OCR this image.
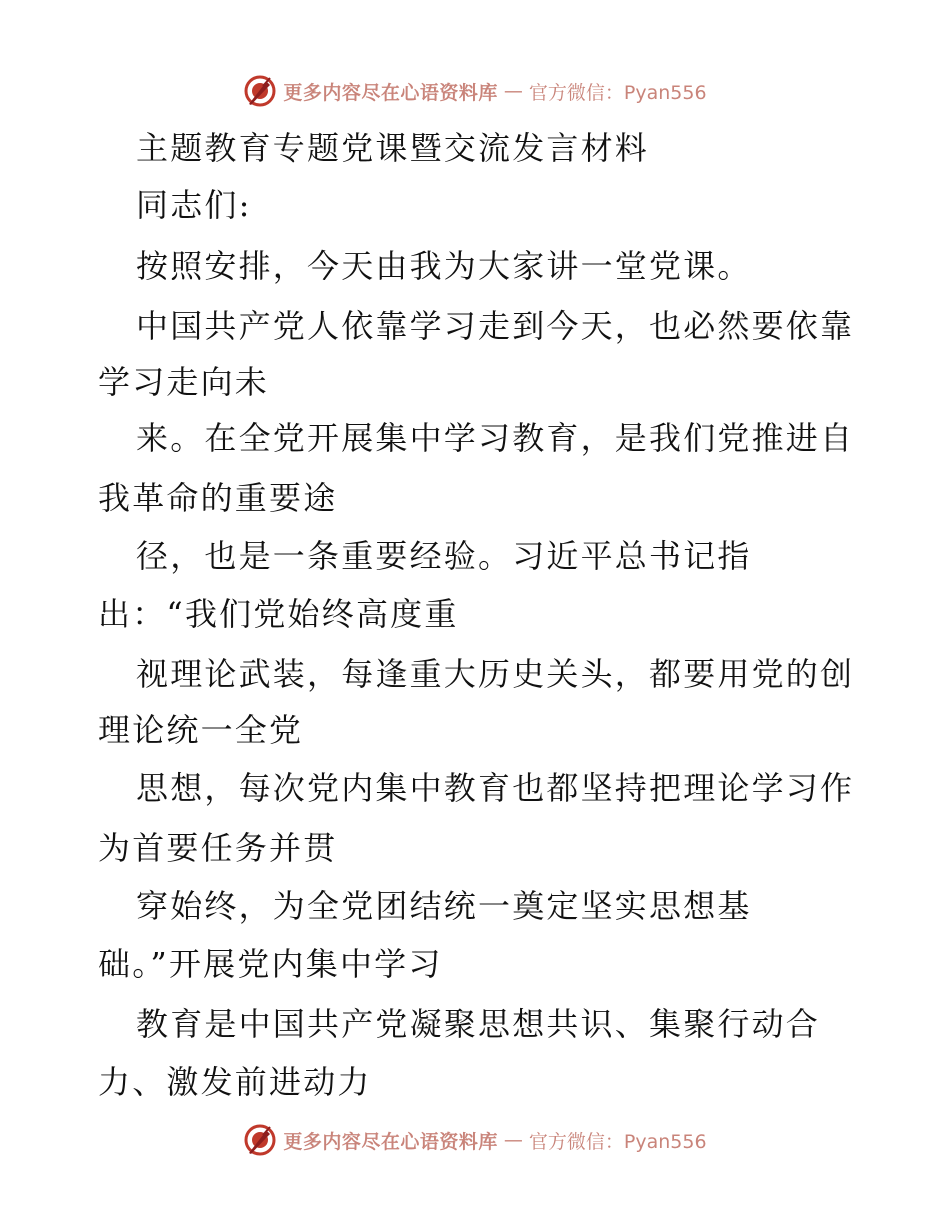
更多内容尽在心语资料库 — 官方微信：Pyan556
主题教育专题党课暨交流发言材料
同志们:
按照安排，今天由我为大家讲一堂党课。
中国共产党人依靠学习走到今天，也必然要依靠
学习走向未
来。在全党开展集中学习教育，是我们党推进自
我革命的重要途
径，也是一条重要经验。习近平总书记指
出：“我们党始终高度重
视理论武装，每逢重大历史关头，都要用党的创
理论统一全党
思想，每次党内集中教育也都坚持把理论学习作
为首要任务并贯
穿始终，为全党团结统一奠定坚实思想基
础。”开展党内集中学习
教育是中国共产党凝聚思想共识、集聚行动合
力、激发前进动力
更多内容尽在心语资料库 — 官方微信：Pyan556
